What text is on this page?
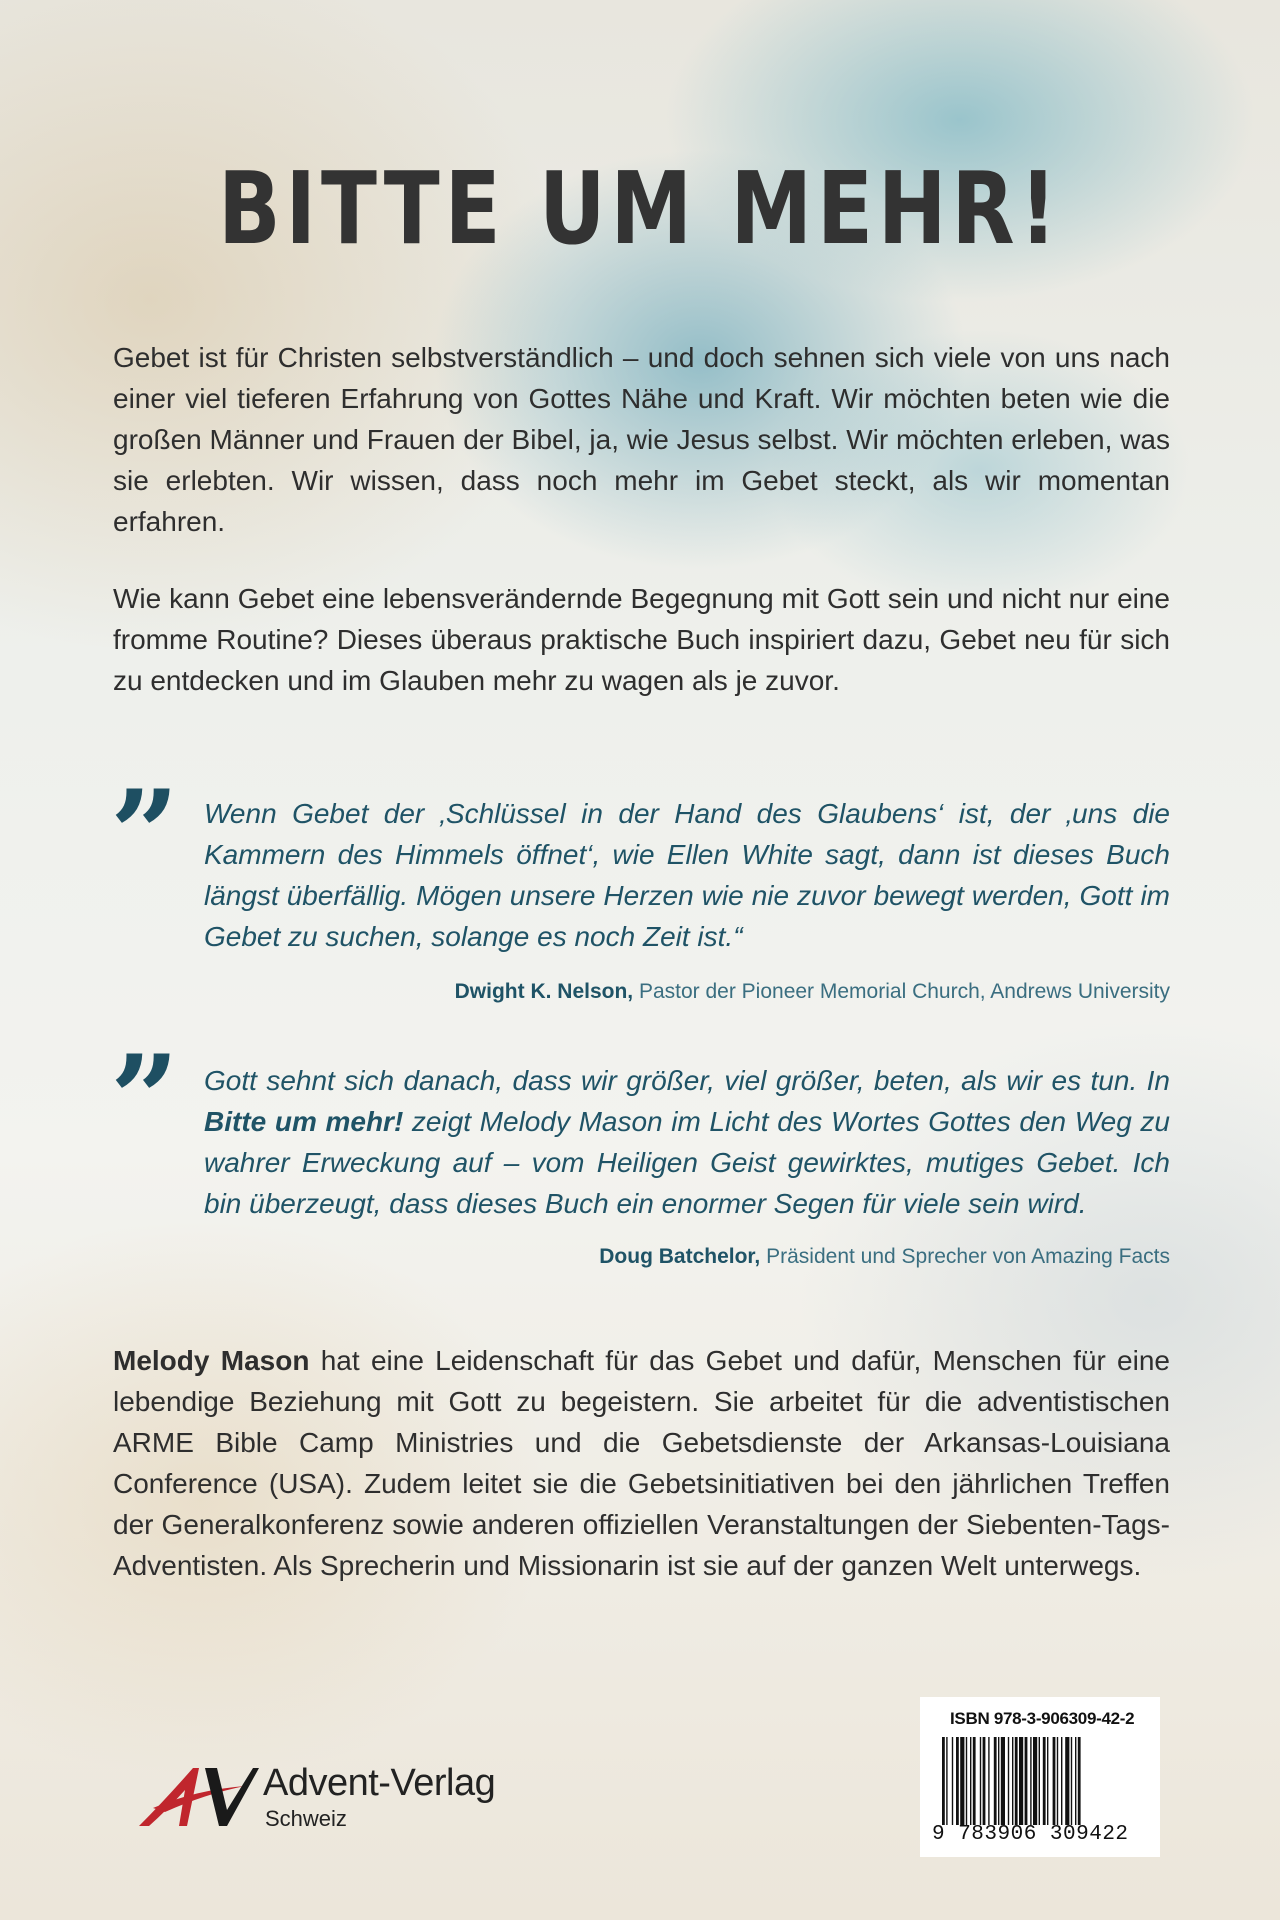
BITTE UM MEHR!

Gebet ist für Christen selbstverständlich – und doch sehnen sich viele von uns nach einer viel tieferen Erfahrung von Gottes Nähe und Kraft. Wir möchten beten wie die großen Männer und Frauen der Bibel, ja, wie Jesus selbst. Wir möchten erleben, was sie erlebten. Wir wissen, dass noch mehr im Gebet steckt, als wir momentan erfahren.

Wie kann Gebet eine lebensverändernde Begegnung mit Gott sein und nicht nur eine fromme Routine? Dieses überaus praktische Buch inspiriert dazu, Gebet neu für sich zu entdecken und im Glauben mehr zu wagen als je zuvor.

” Wenn Gebet der ‚Schlüssel in der Hand des Glaubens‘ ist, der ‚uns die Kammern des Himmels öffnet‘, wie Ellen White sagt, dann ist dieses Buch längst überfällig. Mögen unsere Herzen wie nie zuvor bewegt werden, Gott im Gebet zu suchen, solange es noch Zeit ist.“

Dwight K. Nelson, Pastor der Pioneer Memorial Church, Andrews University
” Gott sehnt sich danach, dass wir größer, viel größer, beten, als wir es tun. In Bitte um mehr! zeigt Melody Mason im Licht des Wortes Gottes den Weg zu wahrer Erweckung auf – vom Heiligen Geist gewirktes, mutiges Gebet. Ich bin überzeugt, dass dieses Buch ein enormer Segen für viele sein wird.

Doug Batchelor, Präsident und Sprecher von Amazing Facts

Melody Mason hat eine Leidenschaft für das Gebet und dafür, Menschen für eine lebendige Beziehung mit Gott zu begeistern. Sie arbeitet für die adventistischen ARME Bible Camp Ministries und die Gebetsdienste der Arkansas-Louisiana Conference (USA). Zudem leitet sie die Gebetsinitiativen bei den jährlichen Treffen der Generalkonferenz sowie anderen offiziellen Veranstaltungen der Siebenten-Tags-Adventisten. Als Sprecherin und Missionarin ist sie auf der ganzen Welt unterwegs.

Advent-Verlag
Schweiz
ISBN 978-3-906309-42-2
9 783906 309422
